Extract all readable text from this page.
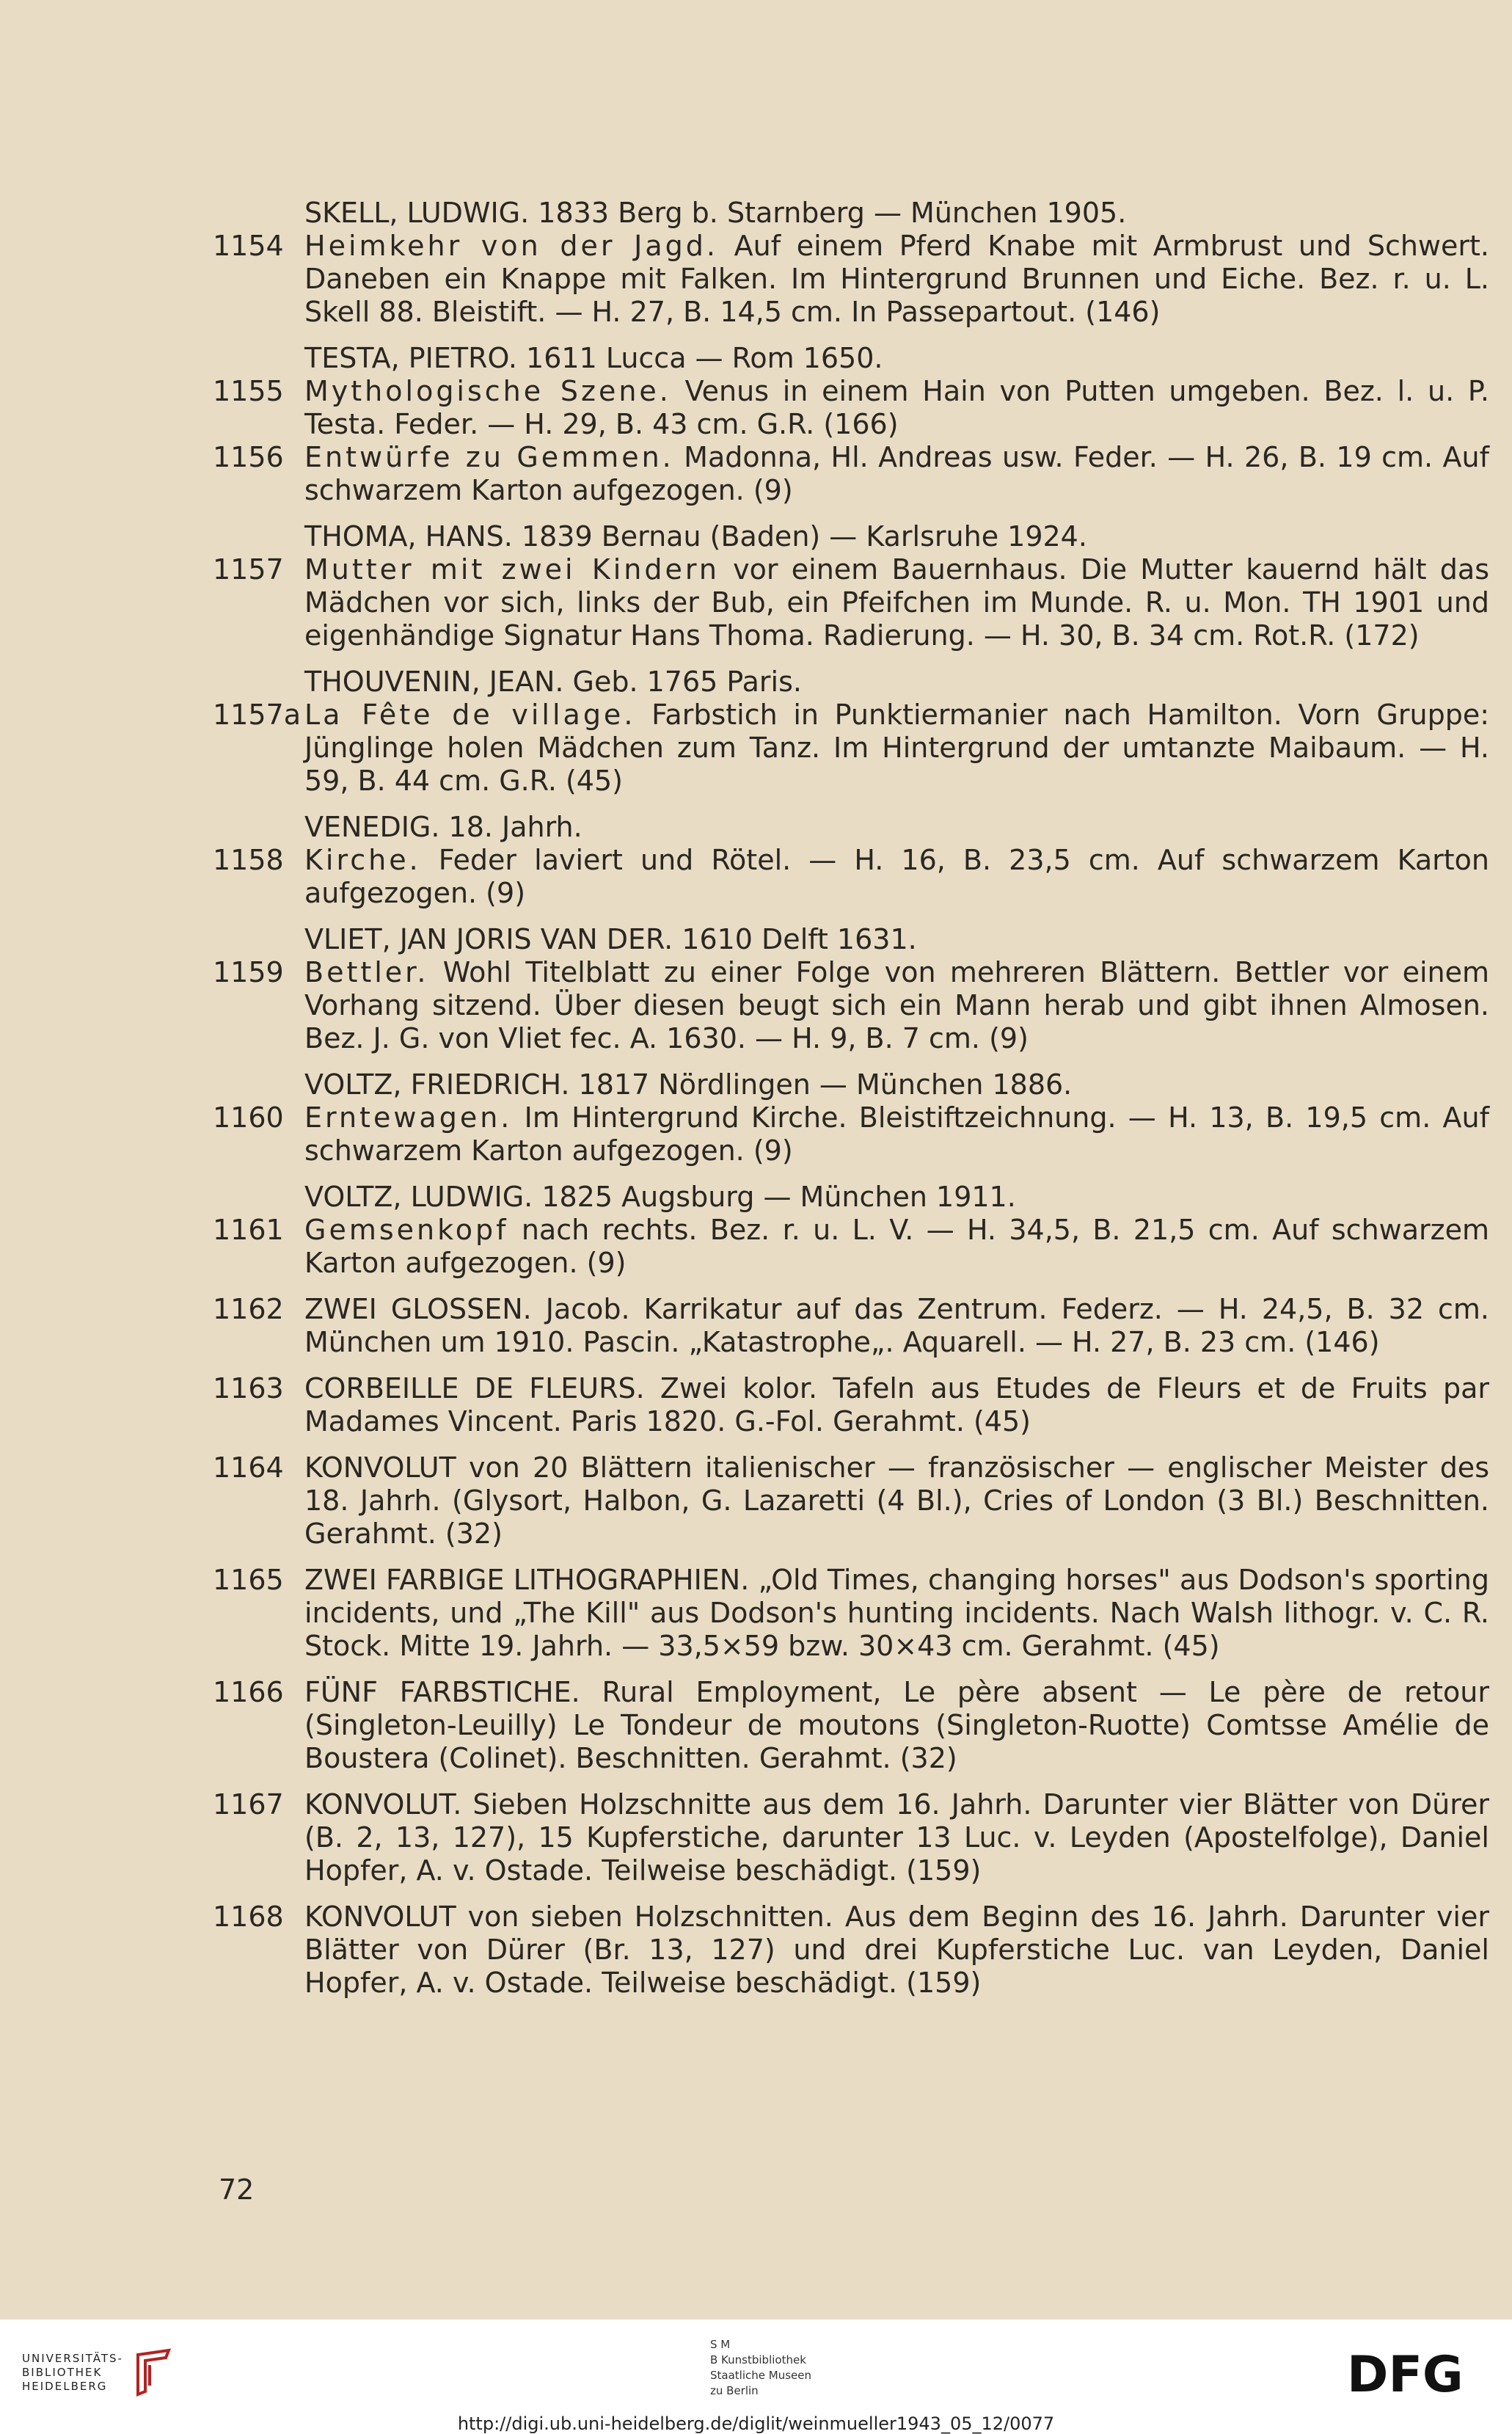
SKELL, LUDWIG. 1833 Berg b. Starnberg — München 1905.
1154 Heimkehr von der Jagd. Auf einem Pferd Knabe mit Armbrust und Schwert. Daneben ein Knappe mit Falken. Im Hintergrund Brunnen und Eiche. Bez. r. u. L. Skell 88. Bleistift. — H. 27, B. 14,5 cm. In Passepartout. (146)
TESTA, PIETRO. 1611 Lucca — Rom 1650.
1155 Mythologische Szene. Venus in einem Hain von Putten umgeben. Bez. l. u. P. Testa. Feder. — H. 29, B. 43 cm. G.R. (166)
1156 Entwürfe zu Gemmen. Madonna, Hl. Andreas usw. Feder. — H. 26, B. 19 cm. Auf schwarzem Karton aufgezogen. (9)
THOMA, HANS. 1839 Bernau (Baden) — Karlsruhe 1924.
1157 Mutter mit zwei Kindern vor einem Bauernhaus. Die Mutter kauernd hält das Mädchen vor sich, links der Bub, ein Pfeifchen im Munde. R. u. Mon. TH 1901 und eigenhändige Signatur Hans Thoma. Radierung. — H. 30, B. 34 cm. Rot.R. (172)
THOUVENIN, JEAN. Geb. 1765 Paris.
1157a La Fête de village. Farbstich in Punktiermanier nach Hamilton. Vorn Gruppe: Jünglinge holen Mädchen zum Tanz. Im Hintergrund der umtanzte Maibaum. — H. 59, B. 44 cm. G.R. (45)
VENEDIG. 18. Jahrh.
1158 Kirche. Feder laviert und Rötel. — H. 16, B. 23,5 cm. Auf schwarzem Karton aufgezogen. (9)
VLIET, JAN JORIS VAN DER. 1610 Delft 1631.
1159 Bettler. Wohl Titelblatt zu einer Folge von mehreren Blättern. Bettler vor einem Vorhang sitzend. Über diesen beugt sich ein Mann herab und gibt ihnen Almosen. Bez. J. G. von Vliet fec. A. 1630. — H. 9, B. 7 cm. (9)
VOLTZ, FRIEDRICH. 1817 Nördlingen — München 1886.
1160 Erntewagen. Im Hintergrund Kirche. Bleistiftzeichnung. — H. 13, B. 19,5 cm. Auf schwarzem Karton aufgezogen. (9)
VOLTZ, LUDWIG. 1825 Augsburg — München 1911.
1161 Gemsenkopf nach rechts. Bez. r. u. L. V. — H. 34,5, B. 21,5 cm. Auf schwarzem Karton aufgezogen. (9)
1162 ZWEI GLOSSEN. Jacob. Karrikatur auf das Zentrum. Federz. — H. 24,5, B. 32 cm. München um 1910. Pascin. „Katastrophe„. Aquarell. — H. 27, B. 23 cm. (146)
1163 CORBEILLE DE FLEURS. Zwei kolor. Tafeln aus Etudes de Fleurs et de Fruits par Madames Vincent. Paris 1820. G.-Fol. Gerahmt. (45)
1164 KONVOLUT von 20 Blättern italienischer — französischer — englischer Meister des 18. Jahrh. (Glysort, Halbon, G. Lazaretti (4 Bl.), Cries of London (3 Bl.) Beschnitten. Gerahmt. (32)
1165 ZWEI FARBIGE LITHOGRAPHIEN. „Old Times, changing horses" aus Dodson's sporting incidents, und „The Kill" aus Dodson's hunting incidents. Nach Walsh lithogr. v. C. R. Stock. Mitte 19. Jahrh. — 33,5×59 bzw. 30×43 cm. Gerahmt. (45)
1166 FÜNF FARBSTICHE. Rural Employment, Le père absent — Le père de retour (Singleton-Leuilly) Le Tondeur de moutons (Singleton-Ruotte) Comtsse Amélie de Boustera (Colinet). Beschnitten. Gerahmt. (32)
1167 KONVOLUT. Sieben Holzschnitte aus dem 16. Jahrh. Darunter vier Blätter von Dürer (B. 2, 13, 127), 15 Kupferstiche, darunter 13 Luc. v. Leyden (Apostelfolge), Daniel Hopfer, A. v. Ostade. Teilweise beschädigt. (159)
1168 KONVOLUT von sieben Holzschnitten. Aus dem Beginn des 16. Jahrh. Darunter vier Blätter von Dürer (Br. 13, 127) und drei Kupferstiche Luc. van Leyden, Daniel Hopfer, A. v. Ostade. Teilweise beschädigt. (159)
72
UNIVERSITÄTS-
BIBLIOTHEK
HEIDELBERG
S M
B Kunstbibliothek
Staatliche Museen
zu Berlin	DFG
http://digi.ub.uni-heidelberg.de/diglit/weinmueller1943_05_12/0077
